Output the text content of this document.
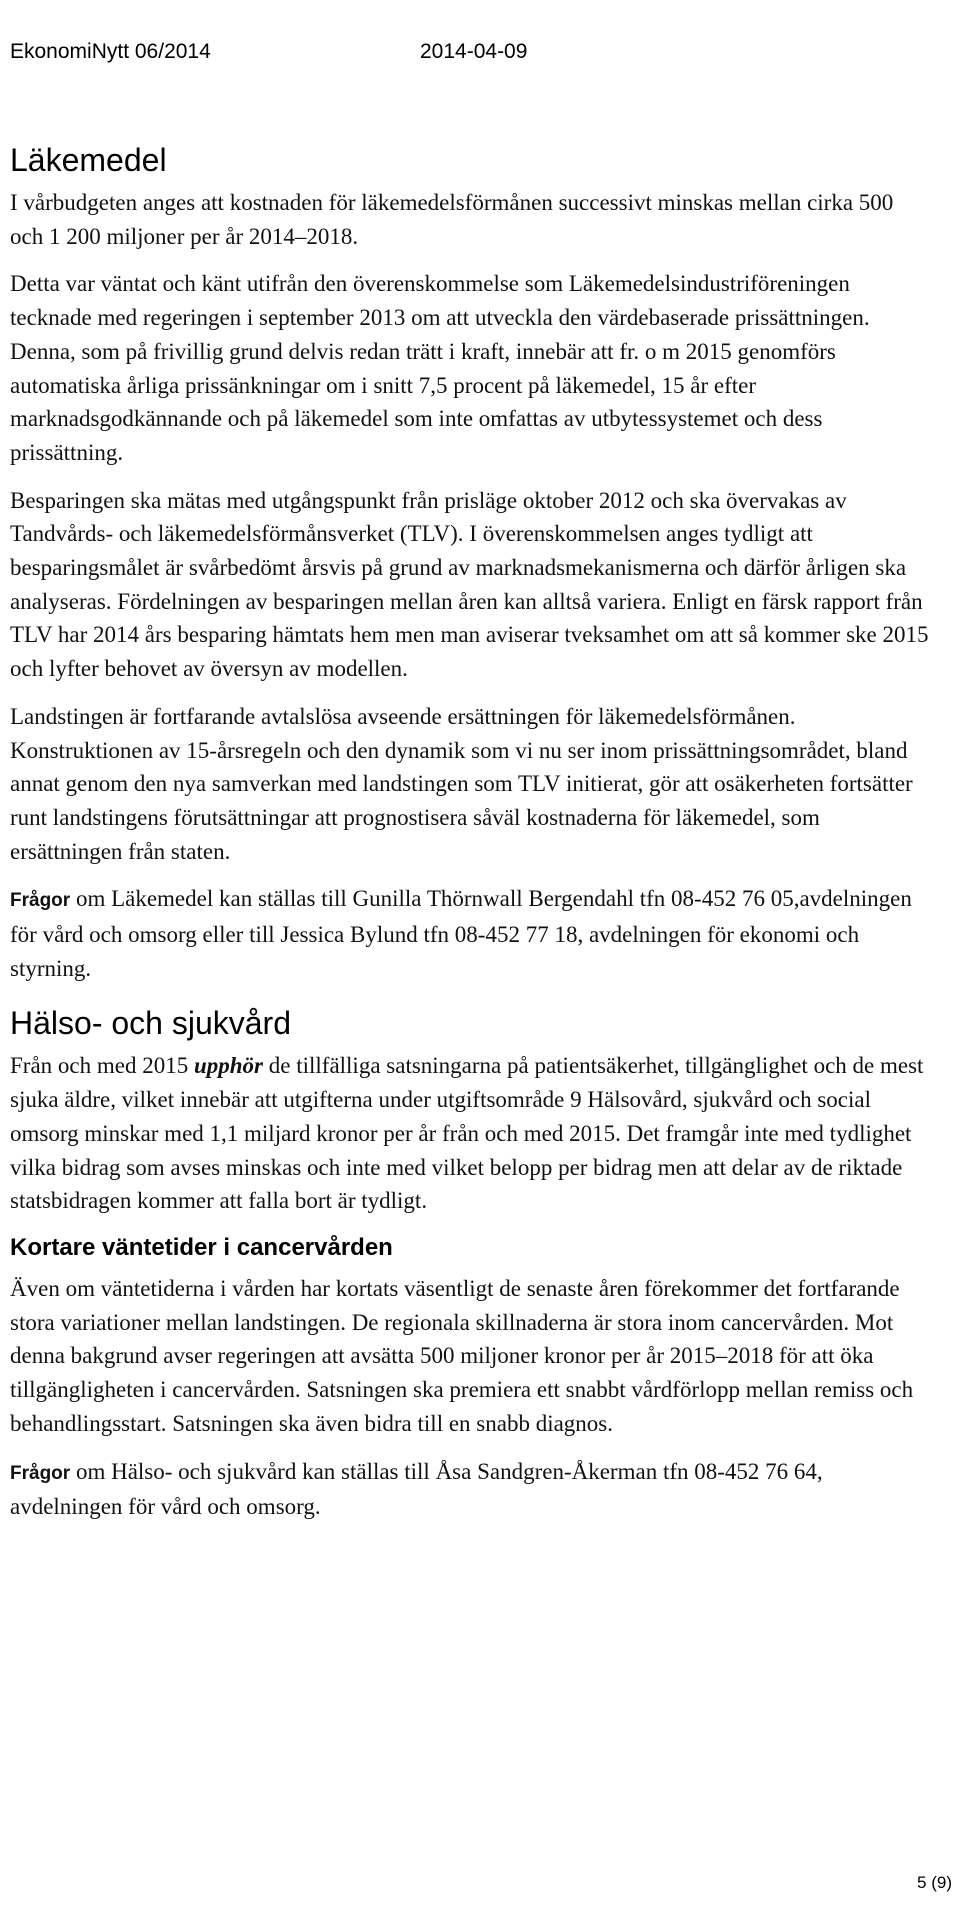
EkonomiNytt 06/2014	2014-04-09
Läkemedel

I vårbudgeten anges att kostnaden för läkemedelsförmånen successivt minskas mellan cirka 500 och 1 200 miljoner per år 2014–2018.

Detta var väntat och känt utifrån den överenskommelse som Läkemedelsindustriföreningen tecknade med regeringen i september 2013 om att utveckla den värdebaserade prissättningen. Denna, som på frivillig grund delvis redan trätt i kraft, innebär att fr. o m 2015 genomförs automatiska årliga prissänkningar om i snitt 7,5 procent på läkemedel, 15 år efter marknadsgodkännande och på läkemedel som inte omfattas av utbytessystemet och dess prissättning.

Besparingen ska mätas med utgångspunkt från prisläge oktober 2012 och ska övervakas av Tandvårds- och läkemedelsförmånsverket (TLV). I överenskommelsen anges tydligt att besparingsmålet är svårbedömt årsvis på grund av marknadsmekanismerna och därför årligen ska analyseras. Fördelningen av besparingen mellan åren kan alltså variera. Enligt en färsk rapport från TLV har 2014 års besparing hämtats hem men man aviserar tveksamhet om att så kommer ske 2015 och lyfter behovet av översyn av modellen.

Landstingen är fortfarande avtalslösa avseende ersättningen för läkemedelsförmånen. Konstruktionen av 15-årsregeln och den dynamik som vi nu ser inom prissättningsområdet, bland annat genom den nya samverkan med landstingen som TLV initierat, gör att osäkerheten fortsätter runt landstingens förutsättningar att prognostisera såväl kostnaderna för läkemedel, som ersättningen från staten.

Frågor om Läkemedel kan ställas till Gunilla Thörnwall Bergendahl tfn 08-452 76 05,avdelningen för vård och omsorg eller till Jessica Bylund tfn 08-452 77 18, avdelningen för ekonomi och styrning.

Hälso- och sjukvård

Från och med 2015 upphör de tillfälliga satsningarna på patientsäkerhet, tillgänglighet och de mest sjuka äldre, vilket innebär att utgifterna under utgiftsområde 9 Hälsovård, sjukvård och social omsorg minskar med 1,1 miljard kronor per år från och med 2015. Det framgår inte med tydlighet vilka bidrag som avses minskas och inte med vilket belopp per bidrag men att delar av de riktade statsbidragen kommer att falla bort är tydligt.

Kortare väntetider i cancervården

Även om väntetiderna i vården har kortats väsentligt de senaste åren förekommer det fortfarande stora variationer mellan landstingen. De regionala skillnaderna är stora inom cancervården. Mot denna bakgrund avser regeringen att avsätta 500 miljoner kronor per år 2015–2018 för att öka tillgängligheten i cancervården. Satsningen ska premiera ett snabbt vårdförlopp mellan remiss och behandlingsstart. Satsningen ska även bidra till en snabb diagnos.

Frågor om Hälso- och sjukvård kan ställas till Åsa Sandgren-Åkerman tfn 08-452 76 64, avdelningen för vård och omsorg.

5 (9)
